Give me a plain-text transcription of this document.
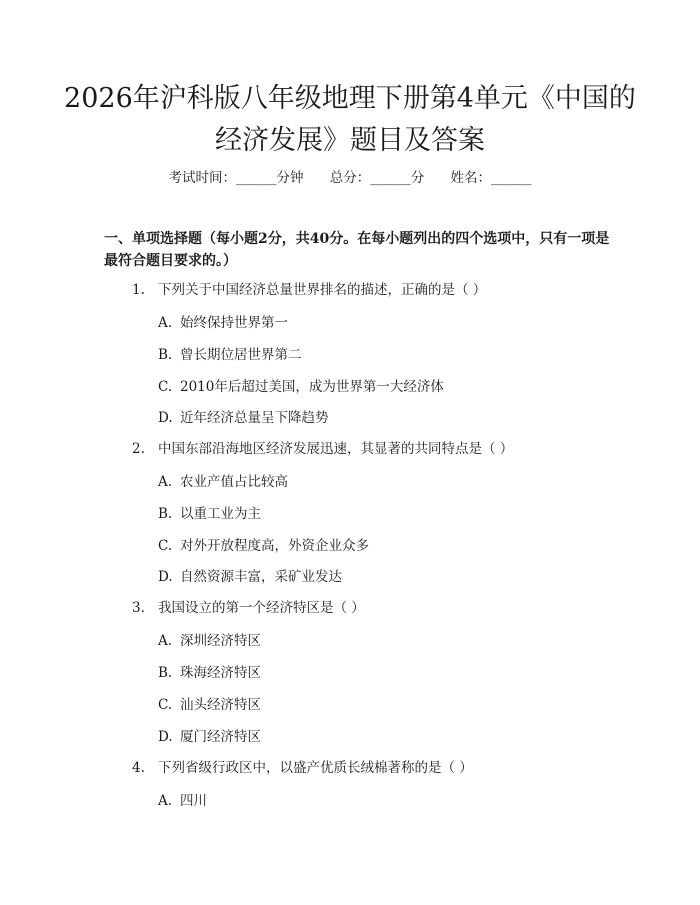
2026年沪科版八年级地理下册第4单元《中国的经济发展》题目及答案
考试时间：______分钟 总分：______分 姓名：______
一、单项选择题（每小题2分，共40分。在每小题列出的四个选项中，只有一项是最符合题目要求的。）
1. 下列关于中国经济总量世界排名的描述，正确的是（ ）
A. 始终保持世界第一
B. 曾长期位居世界第二
C. 2010年后超过美国，成为世界第一大经济体
D. 近年经济总量呈下降趋势
2. 中国东部沿海地区经济发展迅速，其显著的共同特点是（ ）
A. 农业产值占比较高
B. 以重工业为主
C. 对外开放程度高，外资企业众多
D. 自然资源丰富，采矿业发达
3. 我国设立的第一个经济特区是（ ）
A. 深圳经济特区
B. 珠海经济特区
C. 汕头经济特区
D. 厦门经济特区
4. 下列省级行政区中，以盛产优质长绒棉著称的是（ ）
A. 四川
